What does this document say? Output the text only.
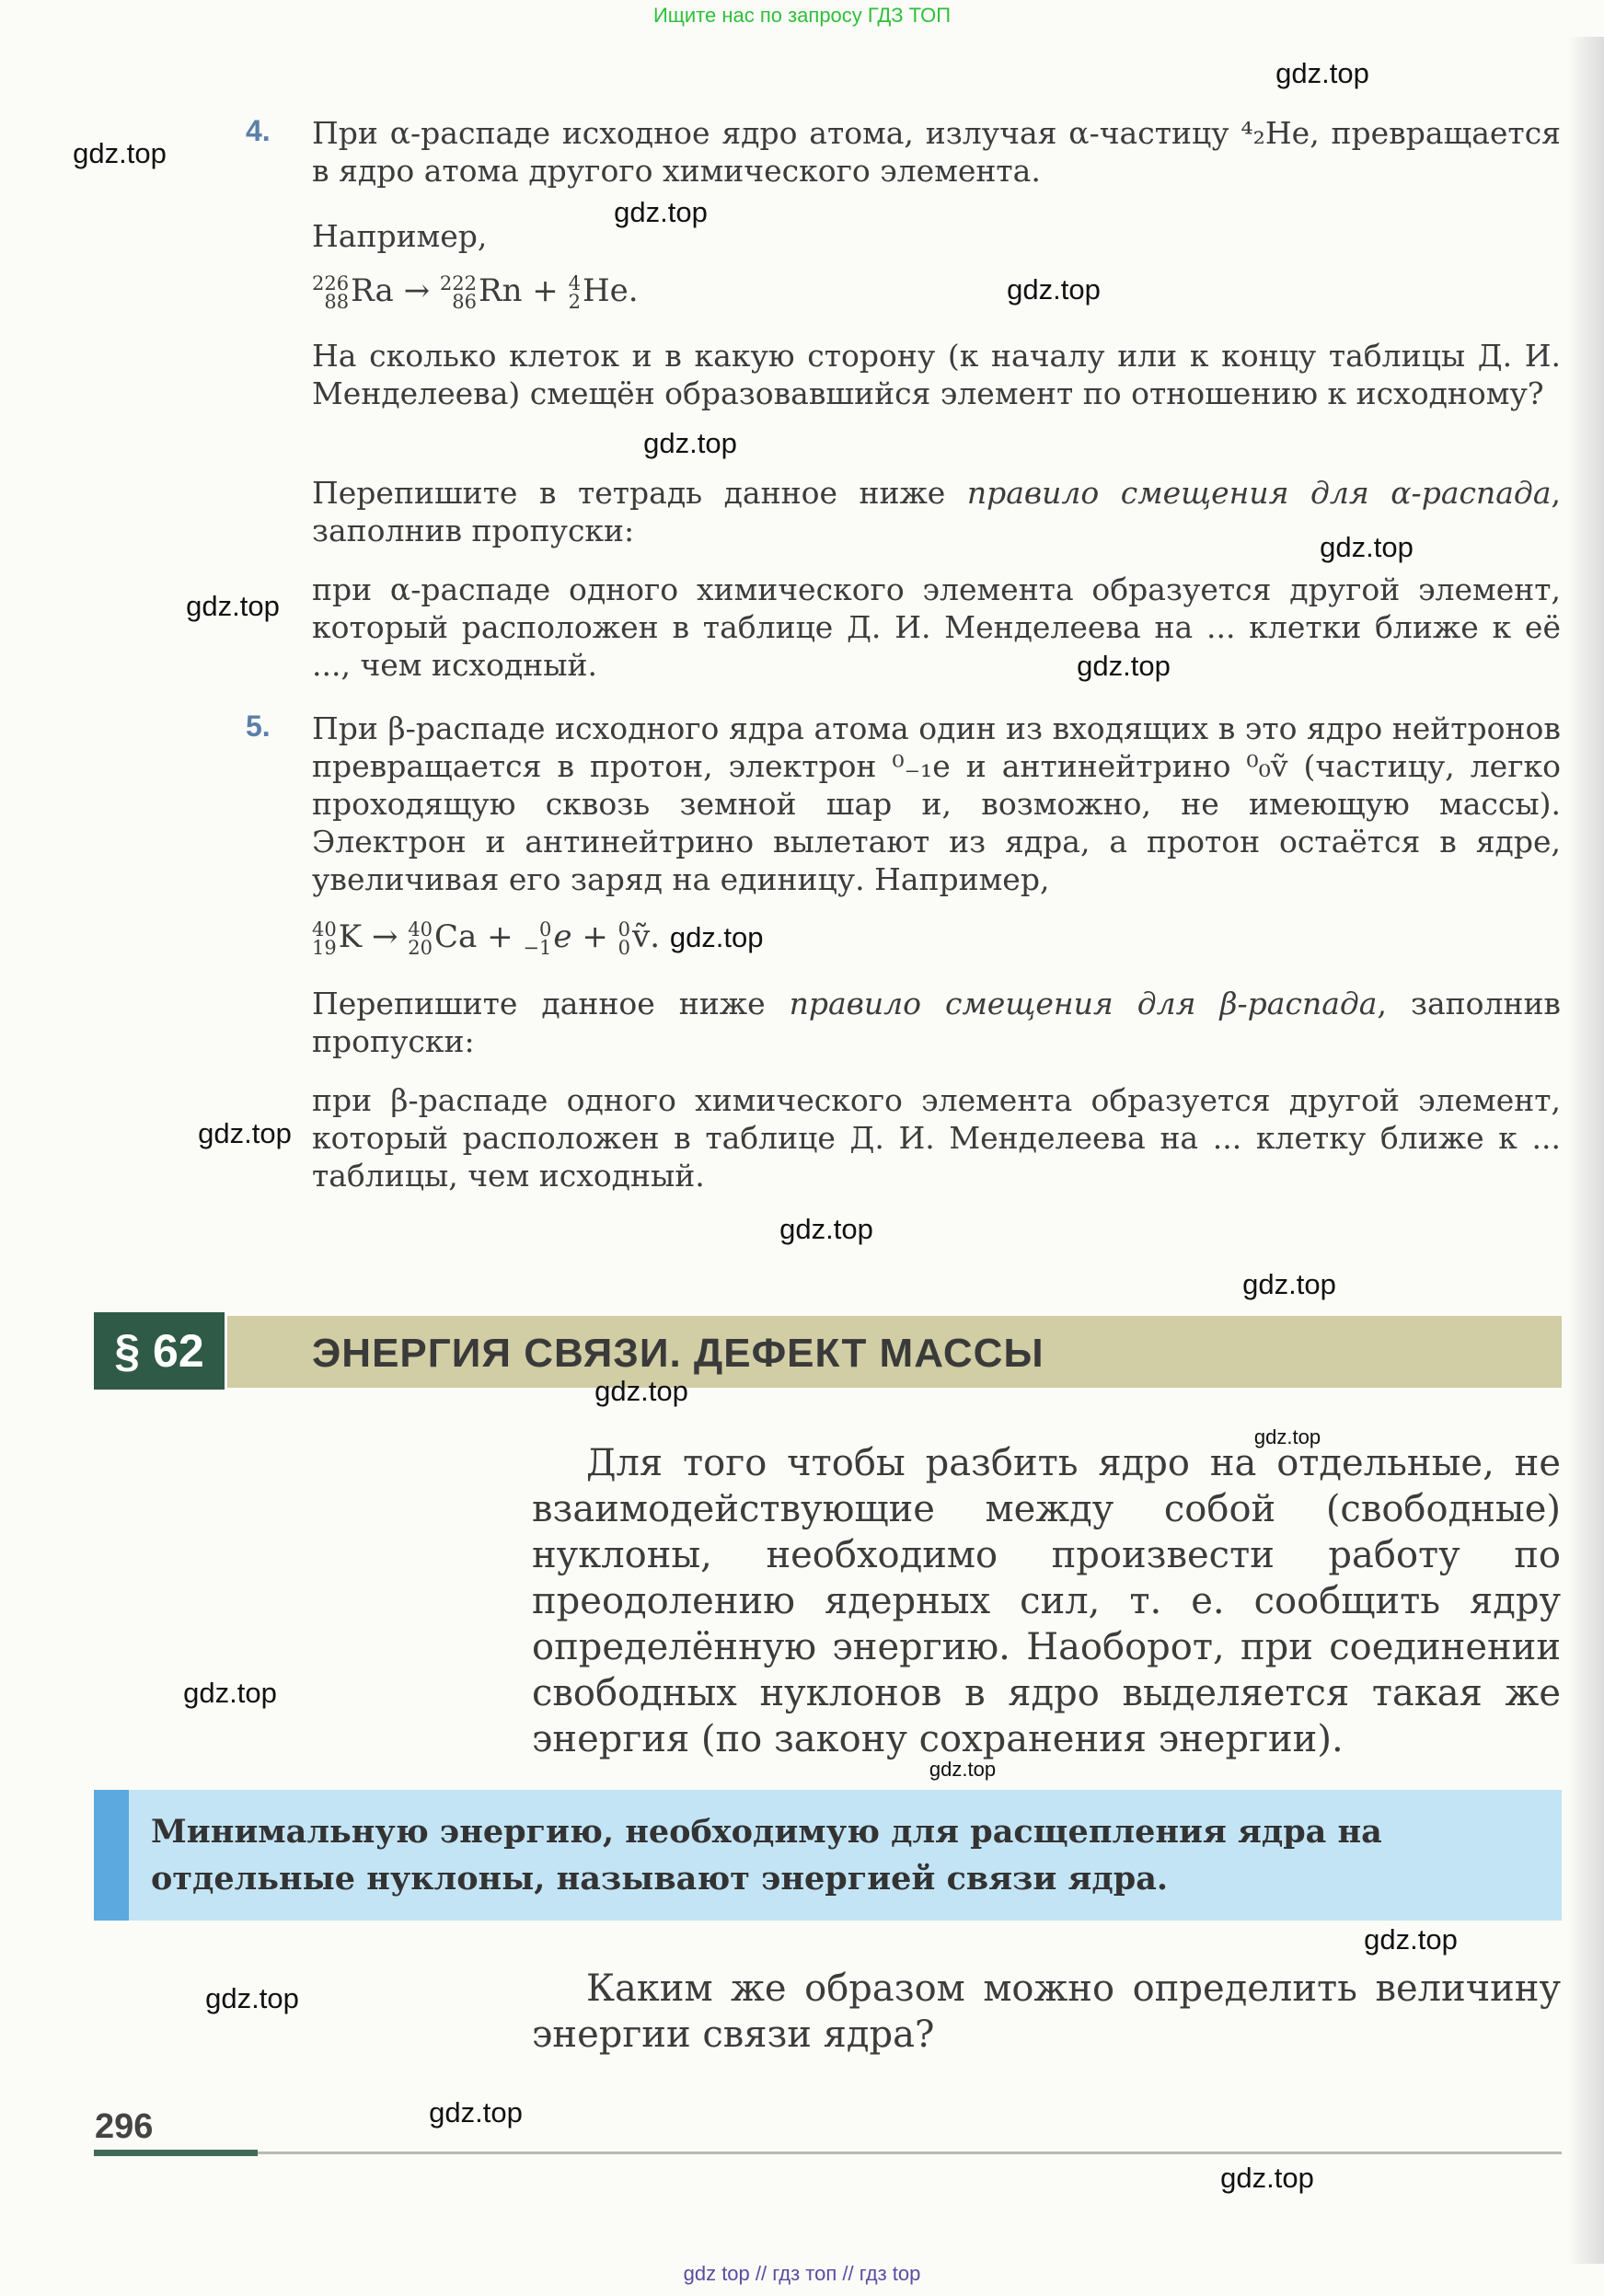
Ищите нас по запросу ГДЗ ТОП
4. При α-распаде исходное ядро атома, излучая α-частицу ⁴₂He, превращается в ядро атома другого химического элемента.
Например,
226
88 Ra → 222
86 Rn + 4
2 He.
На сколько клеток и в какую сторону (к началу или к концу таблицы Д. И. Менделеева) смещён образовавшийся элемент по отношению к исходному?
Перепишите в тетрадь данное ниже правило смещения для α-распада, заполнив пропуски:
при α-распаде одного химического элемента образуется другой элемент, который расположен в таблице Д. И. Менделеева на ... клетки ближе к её ..., чем исходный.
5. При β-распаде исходного ядра атома один из входящих в это ядро нейтронов превращается в протон, электрон ⁰₋₁e и антинейтрино ⁰₀ṽ (частицу, легко проходящую сквозь земной шар и, возможно, не имеющую массы). Электрон и антинейтрино вылетают из ядра, а протон остаётся в ядре, увеличивая его заряд на единицу. Например,
40
19 K → 40
20 Ca +	0
−1 e + 0
0 ṽ. gdz.top
Перепишите данное ниже правило смещения для β-распада, заполнив пропуски:
при β-распаде одного химического элемента образуется другой элемент, который расположен в таблице Д. И. Менделеева на ... клетку ближе к ... таблицы, чем исходный.
§ 62	ЭНЕРГИЯ СВЯЗИ. ДЕФЕКТ МАССЫ
Для того чтобы разбить ядро на отдельные, не взаимодействующие между собой (свободные) нуклоны, необходимо произвести работу по преодолению ядерных сил, т. е. сообщить ядру определённую энергию. Наоборот, при соединении свободных нуклонов в ядро выделяется такая же энергия (по закону сохранения энергии).
Минимальную энергию, необходимую для расщепления ядра на отдельные нуклоны, называют энергией связи ядра.
Каким же образом можно определить величину энергии связи ядра?
296
gdz.top
gdz.top
gdz.top
gdz.top
gdz.top
gdz.top
gdz.top
gdz.top
gdz.top
gdz.top
gdz.top
gdz.top
gdz.top
gdz.top
gdz.top
gdz.top
gdz.top
gdz.top
gdz.top
gdz top // гдз топ // гдз top
